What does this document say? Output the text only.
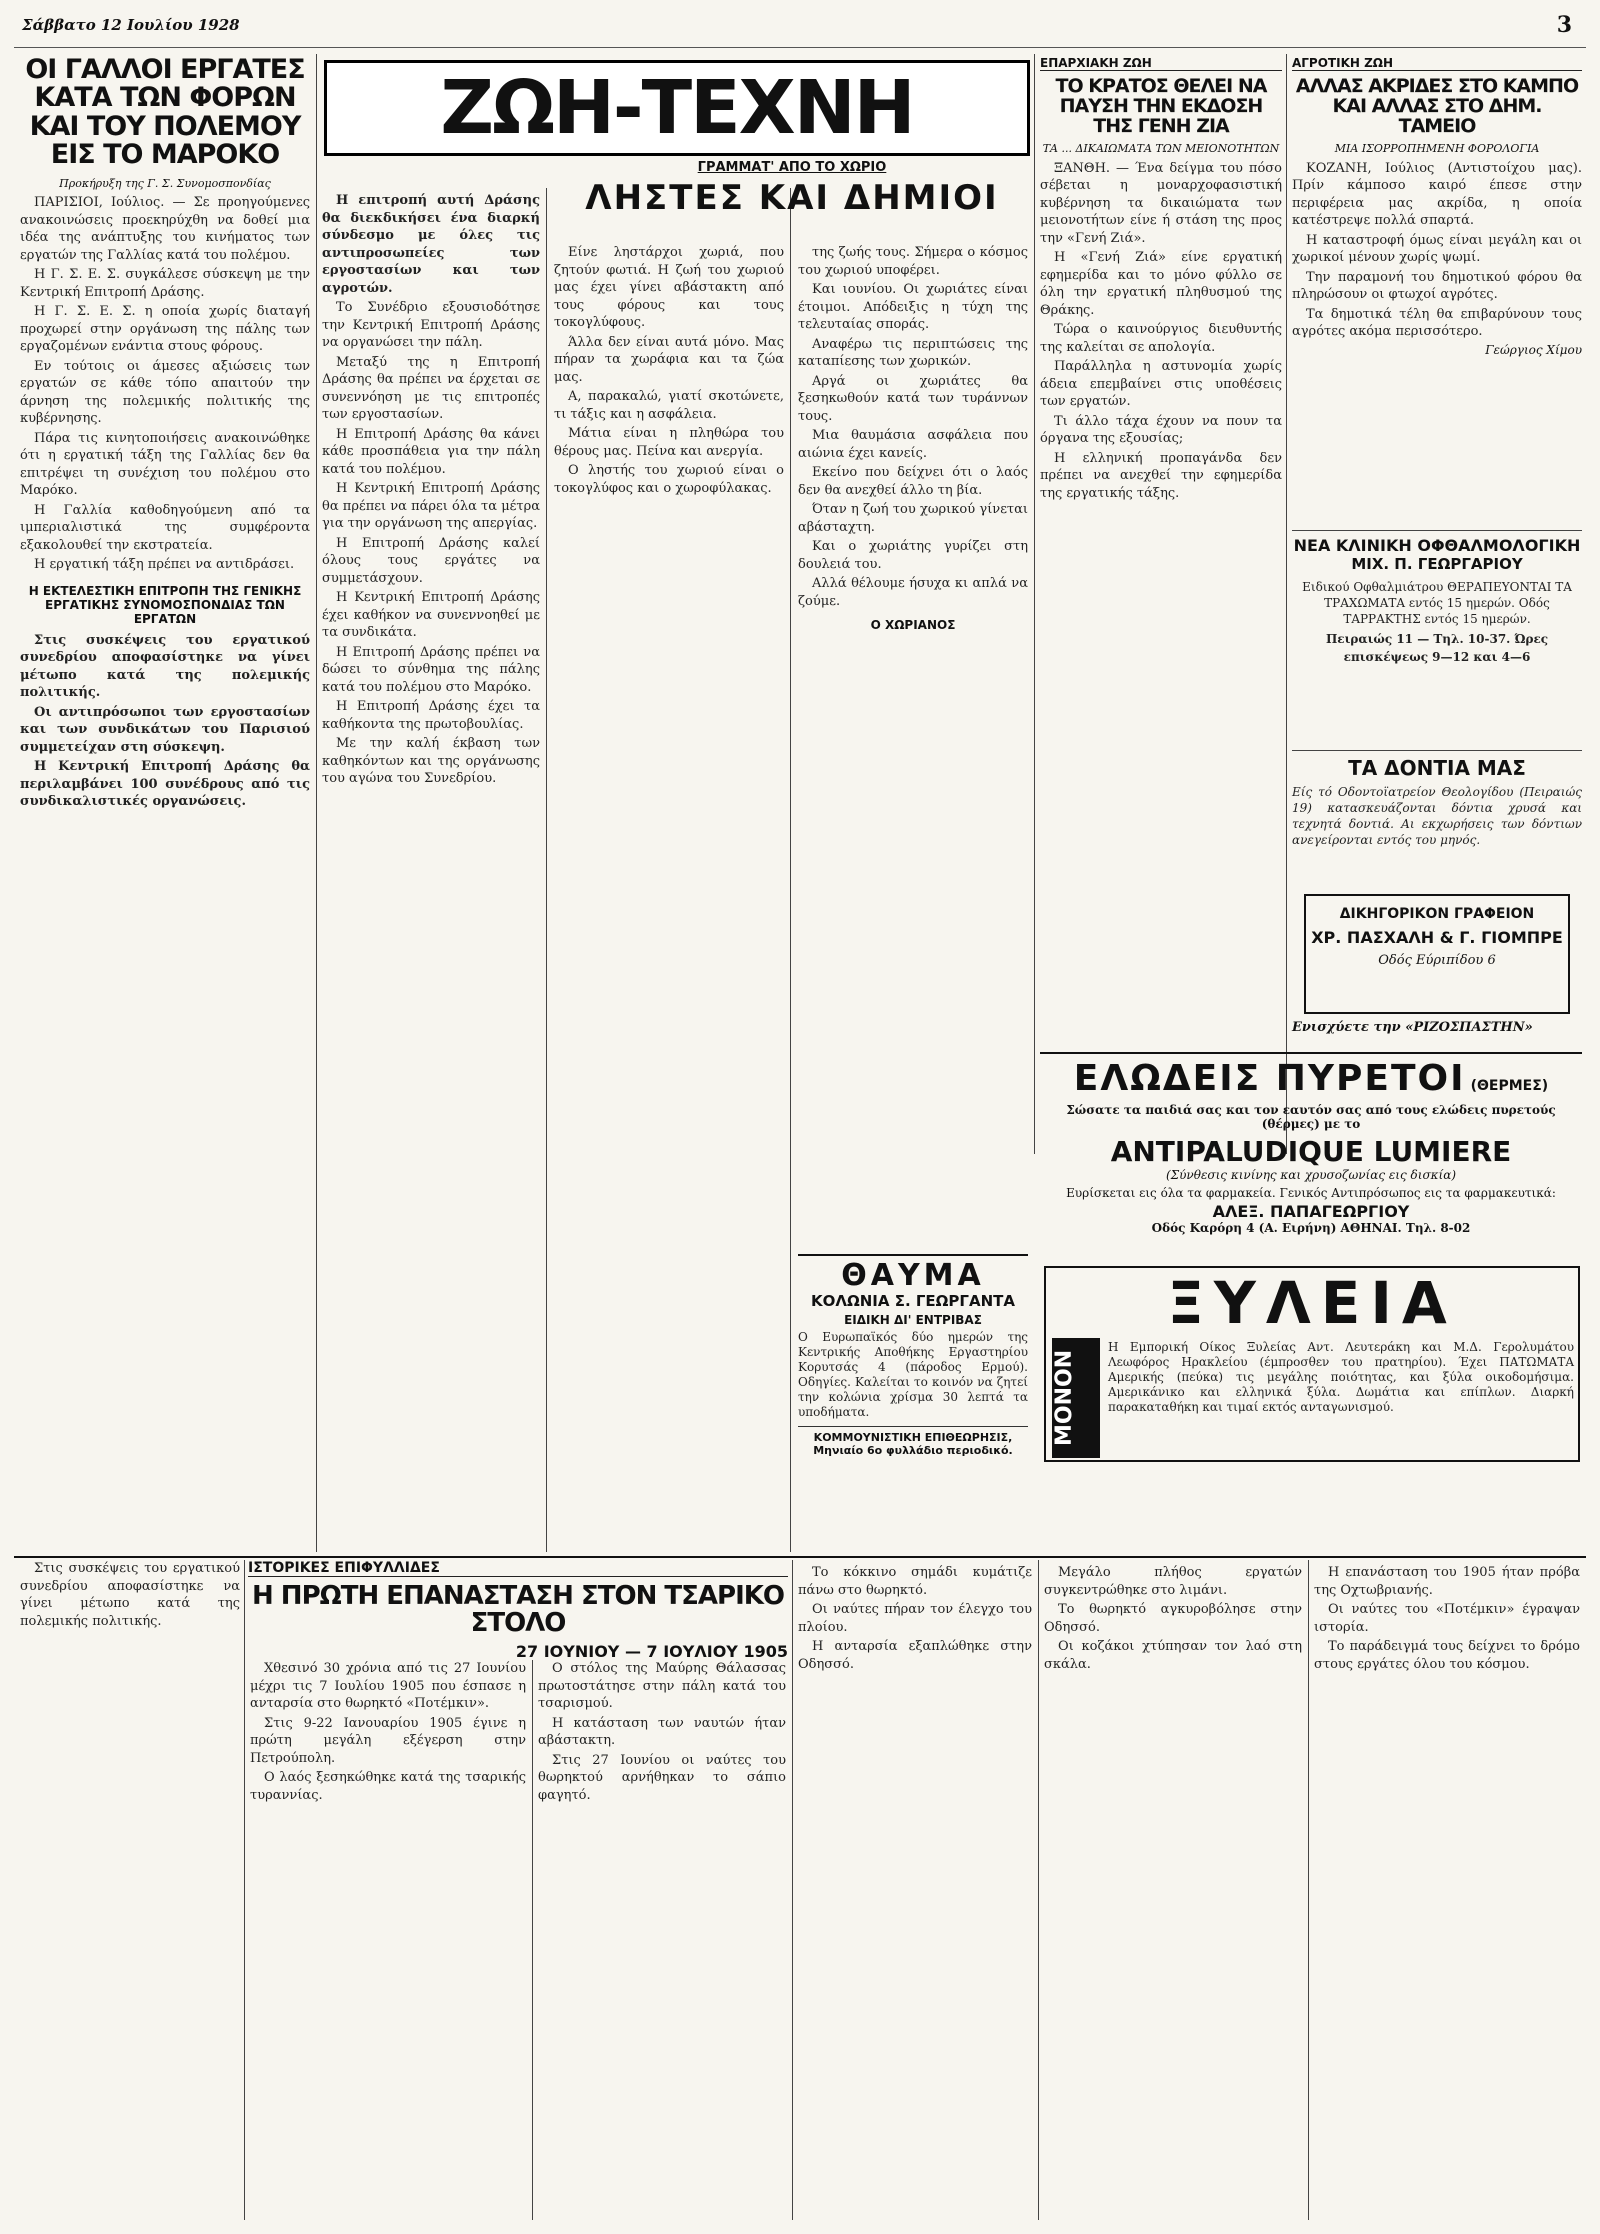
Σάββατο 12 Ιουλίου 1928	3
ΟΙ ΓΑΛΛΟΙ ΕΡΓΑΤΕΣ ΚΑΤΑ ΤΩΝ ΦΟΡΩΝ ΚΑΙ ΤΟΥ ΠΟΛΕΜΟΥ ΕΙΣ ΤΟ ΜΑΡΟΚΟ
Προκήρυξη της Γ. Σ. Συνομοσπονδίας

ΠΑΡΙΣΙΟΙ, Ιούλιος. — Σε προηγούμενες ανακοινώσεις προεκηρύχθη να δοθεί μια ιδέα της ανάπτυξης του κινήματος των εργατών της Γαλλίας κατά του πολέμου.

Η Γ. Σ. Ε. Σ. συγκάλεσε σύσκεψη με την Κεντρική Επιτροπή Δράσης.

Η Γ. Σ. Ε. Σ. η οποία χωρίς διαταγή προχωρεί στην οργάνωση της πάλης των εργαζομένων ενάντια στους φόρους.

Εν τούτοις οι άμεσες αξιώσεις των εργατών σε κάθε τόπο απαιτούν την άρνηση της πολεμικής πολιτικής της κυβέρνησης.

Πάρα τις κινητοποιήσεις ανακοινώθηκε ότι η εργατική τάξη της Γαλλίας δεν θα επιτρέψει τη συνέχιση του πολέμου στο Μαρόκο.

Η Γαλλία καθοδηγούμενη από τα ιμπεριαλιστικά της συμφέροντα εξακολουθεί την εκστρατεία.

Η εργατική τάξη πρέπει να αντιδράσει.

Η ΕΚΤΕΛΕΣΤΙΚΗ ΕΠΙΤΡΟΠΗ ΤΗΣ ΓΕΝΙΚΗΣ ΕΡΓΑΤΙΚΗΣ ΣΥΝΟΜΟΣΠΟΝΔΙΑΣ ΤΩΝ ΕΡΓΑΤΩΝ

Στις συσκέψεις του εργατικού συνεδρίου αποφασίστηκε να γίνει μέτωπο κατά της πολεμικής πολιτικής.

Οι αντιπρόσωποι των εργοστασίων και των συνδικάτων του Παρισιού συμμετείχαν στη σύσκεψη.

Η Κεντρική Επιτροπή Δράσης θα περιλαμβάνει 100 συνέδρους από τις συνδικαλιστικές οργανώσεις.

ΖΩΗ-ΤΕΧΝΗ

Η επιτροπή αυτή Δράσης θα διεκδικήσει ένα διαρκή σύνδεσμο με όλες τις αντιπροσωπείες των εργοστασίων και των αγροτών.

Το Συνέδριο εξουσιοδότησε την Κεντρική Επιτροπή Δράσης να οργανώσει την πάλη.

Μεταξύ της η Επιτροπή Δράσης θα πρέπει να έρχεται σε συνεννόηση με τις επιτροπές των εργοστασίων.

Η Επιτροπή Δράσης θα κάνει κάθε προσπάθεια για την πάλη κατά του πολέμου.

Η Κεντρική Επιτροπή Δράσης θα πρέπει να πάρει όλα τα μέτρα για την οργάνωση της απεργίας.

Η Επιτροπή Δράσης καλεί όλους τους εργάτες να συμμετάσχουν.

Η Κεντρική Επιτροπή Δράσης έχει καθήκον να συνεννοηθεί με τα συνδικάτα.

Η Επιτροπή Δράσης πρέπει να δώσει το σύνθημα της πάλης κατά του πολέμου στο Μαρόκο.

Η Επιτροπή Δράσης έχει τα καθήκοντα της πρωτοβουλίας.

Με την καλή έκβαση των καθηκόντων και της οργάνωσης του αγώνα του Συνεδρίου.

ΓΡΑΜΜΑΤ' ΑΠΟ ΤΟ ΧΩΡΙΟ
ΛΗΣΤΕΣ ΚΑΙ ΔΗΜΙΟΙ

Είνε ληστάρχοι χωριά, που ζητούν φωτιά. Η ζωή του χωριού μας έχει γίνει αβάστακτη από τους φόρους και τους τοκογλύφους.

Άλλα δεν είναι αυτά μόνο. Μας πήραν τα χωράφια και τα ζώα μας.

Α, παρακαλώ, γιατί σκοτώνετε, τι τάξις και η ασφάλεια.

Μάτια είναι η πληθώρα του θέρους μας. Πείνα και ανεργία.

Ο ληστής του χωριού είναι ο τοκογλύφος και ο χωροφύλακας.

της ζωής τους. Σήμερα ο κόσμος του χωριού υποφέρει.

Και ιουνίου. Οι χωριάτες είναι έτοιμοι. Απόδειξις η τύχη της τελευταίας σποράς.

Αναφέρω τις περιπτώσεις της καταπίεσης των χωρικών.

Αργά οι χωριάτες θα ξεσηκωθούν κατά των τυράννων τους.

Μια θαυμάσια ασφάλεια που αιώνια έχει κανείς.

Εκείνο που δείχνει ότι ο λαός δεν θα ανεχθεί άλλο τη βία.

Όταν η ζωή του χωρικού γίνεται αβάσταχτη.

Και ο χωριάτης γυρίζει στη δουλειά του.

Αλλά θέλουμε ήσυχα κι απλά να ζούμε.

Ο ΧΩΡΙΑΝΟΣ
ΘΑΥΜΑ
ΚΟΛΩΝΙΑ Σ. ΓΕΩΡΓΑΝΤΑ
ΕΙΔΙΚΗ ΔΙ' ΕΝΤΡΙΒΑΣ
Ο Ευρωπαϊκός δύο ημερών της Κεντρικής Αποθήκης Εργαστηρίου Κορυτσάς 4 (πάροδος Ερμού). Οδηγίες. Καλείται το κοινόν να ζητεί την κολώνια χρίσμα 30 λεπτά τα υποδήματα.
ΚΟΜΜΟΥΝΙΣΤΙΚΗ ΕΠΙΘΕΩΡΗΣΙΣ, Μηνιαίο 6ο φυλλάδιο περιοδικό.
ΕΠΑΡΧΙΑΚΗ ΖΩΗ
ΤΟ ΚΡΑΤΟΣ ΘΕΛΕΙ ΝΑ ΠΑΥΣΗ ΤΗΝ ΕΚΔΟΣΗ ΤΗΣ ΓΕΝΗ ΖΙΑ
ΤΑ ... ΔΙΚΑΙΩΜΑΤΑ ΤΩΝ ΜΕΙΟΝΟΤΗΤΩΝ

ΞΑΝΘΗ. — Ένα δείγμα του πόσο σέβεται η μοναρχοφασιστική κυβέρνηση τα δικαιώματα των μειονοτήτων είνε ή στάση της προς την «Γενή Ζιά».

Η «Γενή Ζιά» είνε εργατική εφημερίδα και το μόνο φύλλο σε όλη την εργατική πληθυσμού της Θράκης.

Τώρα ο καινούργιος διευθυντής της καλείται σε απολογία.

Παράλληλα η αστυνομία χωρίς άδεια επεμβαίνει στις υποθέσεις των εργατών.

Τι άλλο τάχα έχουν να πουν τα όργανα της εξουσίας;

Η ελληνική προπαγάνδα δεν πρέπει να ανεχθεί την εφημερίδα της εργατικής τάξης.

ΑΓΡΟΤΙΚΗ ΖΩΗ
ΑΛΛΑΣ ΑΚΡΙΔΕΣ ΣΤΟ ΚΑΜΠΟ ΚΑΙ ΑΛΛΑΣ ΣΤΟ ΔΗΜ. ΤΑΜΕΙΟ
ΜΙΑ ΙΣΟΡΡΟΠΗΜΕΝΗ ΦΟΡΟΛΟΓΙΑ

ΚΟΖΑΝΗ, Ιούλιος (Αντιστοίχου μας). Πρίν κάμποσο καιρό έπεσε στην περιφέρεια μας ακρίδα, η οποία κατέστρεψε πολλά σπαρτά.

Η καταστροφή όμως είναι μεγάλη και οι χωρικοί μένουν χωρίς ψωμί.

Την παραμονή του δημοτικού φόρου θα πληρώσουν οι φτωχοί αγρότες.

Τα δημοτικά τέλη θα επιβαρύνουν τους αγρότες ακόμα περισσότερο.

Γεώργιος Χίμου
ΝΕΑ ΚΛΙΝΙΚΗ ΟΦΘΑΛΜΟΛΟΓΙΚΗ
ΜΙΧ. Π. ΓΕΩΡΓΑΡΙΟΥ
Ειδικού Οφθαλμιάτρου ΘΕΡΑΠΕΥΟΝΤΑΙ ΤΑ ΤΡΑΧΩΜΑΤΑ εντός 15 ημερών. Οδός ΤΑΡΡΑΚΤΗΣ εντός 15 ημερών.
Πειραιώς 11 — Τηλ. 10-37. Ώρες επισκέψεως 9—12 και 4—6
ΤΑ ΔΟΝΤΙΑ ΜΑΣ
Είς τό Οδοντοϊατρείον Θεολογίδου (Πειραιώς 19) κατασκευάζονται δόντια χρυσά και τεχνητά δοντιά. Αι εκχωρήσεις των δόντιων ανεγείρονται εντός του μηνός.
ΔΙΚΗΓΟΡΙΚΟΝ ΓΡΑΦΕΙΟΝ
ΧΡ. ΠΑΣΧΑΛΗ & Γ. ΓΙΟΜΠΡΕ
Οδός Εύριπίδου 6
Ενισχύετε την «ΡΙΖΟΣΠΑΣΤΗΝ»
ΕΛΩΔΕΙΣ ΠΥΡΕΤΟΙ (ΘΕΡΜΕΣ)
Σώσατε τα παιδιά σας και τον εαυτόν σας από τους ελώδεις πυρετούς (θέρμες) με το
ANTIPALUDIQUE LUMIERE
(Σύνθεσις κινίνης και χρυσοζωνίας εις δισκία)
Ευρίσκεται εις όλα τα φαρμακεία. Γενικός Αντιπρόσωπος εις τα φαρμακευτικά:
ΑΛΕΞ. ΠΑΠΑΓΕΩΡΓΙΟΥ
Οδός Καρόρη 4 (Α. Ειρήνη) ΑΘΗΝΑΙ. Τηλ. 8-02
ΞΥΛΕΙΑ
ΜΟΝΟΝ
Η Εμπορική Οίκος Ξυλείας Αντ. Λευτεράκη και Μ.Δ. Γερολυμάτου Λεωφόρος Ηρακλείου (έμπροσθεν του πρατηρίου). Έχει ΠΑΤΩΜΑΤΑ Αμερικής (πεύκα) τις μεγάλης ποιότητας, και ξύλα οικοδομήσιμα. Αμερικάνικο και ελληνικά ξύλα. Δωμάτια και επίπλων. Διαρκή παρακαταθήκη και τιμαί εκτός ανταγωνισμού.
ΙΣΤΟΡΙΚΕΣ ΕΠΙΦΥΛΛΙΔΕΣ
Η ΠΡΩΤΗ ΕΠΑΝΑΣΤΑΣΗ ΣΤΟΝ ΤΣΑΡΙΚΟ ΣΤΟΛΟ
27 ΙΟΥΝΙΟΥ — 7 ΙΟΥΛΙΟΥ 1905

Στις συσκέψεις του εργατικού συνεδρίου αποφασίστηκε να γίνει μέτωπο κατά της πολεμικής πολιτικής.

Χθεσινό 30 χρόνια από τις 27 Ιουνίου μέχρι τις 7 Ιουλίου 1905 που έσπασε η ανταρσία στο θωρηκτό «Ποτέμκιν».

Στις 9-22 Ιανουαρίου 1905 έγινε η πρώτη μεγάλη εξέγερση στην Πετρούπολη.

Ο λαός ξεσηκώθηκε κατά της τσαρικής τυραννίας.

Ο στόλος της Μαύρης Θάλασσας πρωτοστάτησε στην πάλη κατά του τσαρισμού.

Η κατάσταση των ναυτών ήταν αβάστακτη.

Στις 27 Ιουνίου οι ναύτες του θωρηκτού αρνήθηκαν το σάπιο φαγητό.

Το κόκκινο σημάδι κυμάτιζε πάνω στο θωρηκτό.

Οι ναύτες πήραν τον έλεγχο του πλοίου.

Η ανταρσία εξαπλώθηκε στην Οδησσό.

Μεγάλο πλήθος εργατών συγκεντρώθηκε στο λιμάνι.

Το θωρηκτό αγκυροβόλησε στην Οδησσό.

Οι κοζάκοι χτύπησαν τον λαό στη σκάλα.

Η επανάσταση του 1905 ήταν πρόβα της Οχτωβριανής.

Οι ναύτες του «Ποτέμκιν» έγραψαν ιστορία.

Το παράδειγμά τους δείχνει το δρόμο στους εργάτες όλου του κόσμου.
